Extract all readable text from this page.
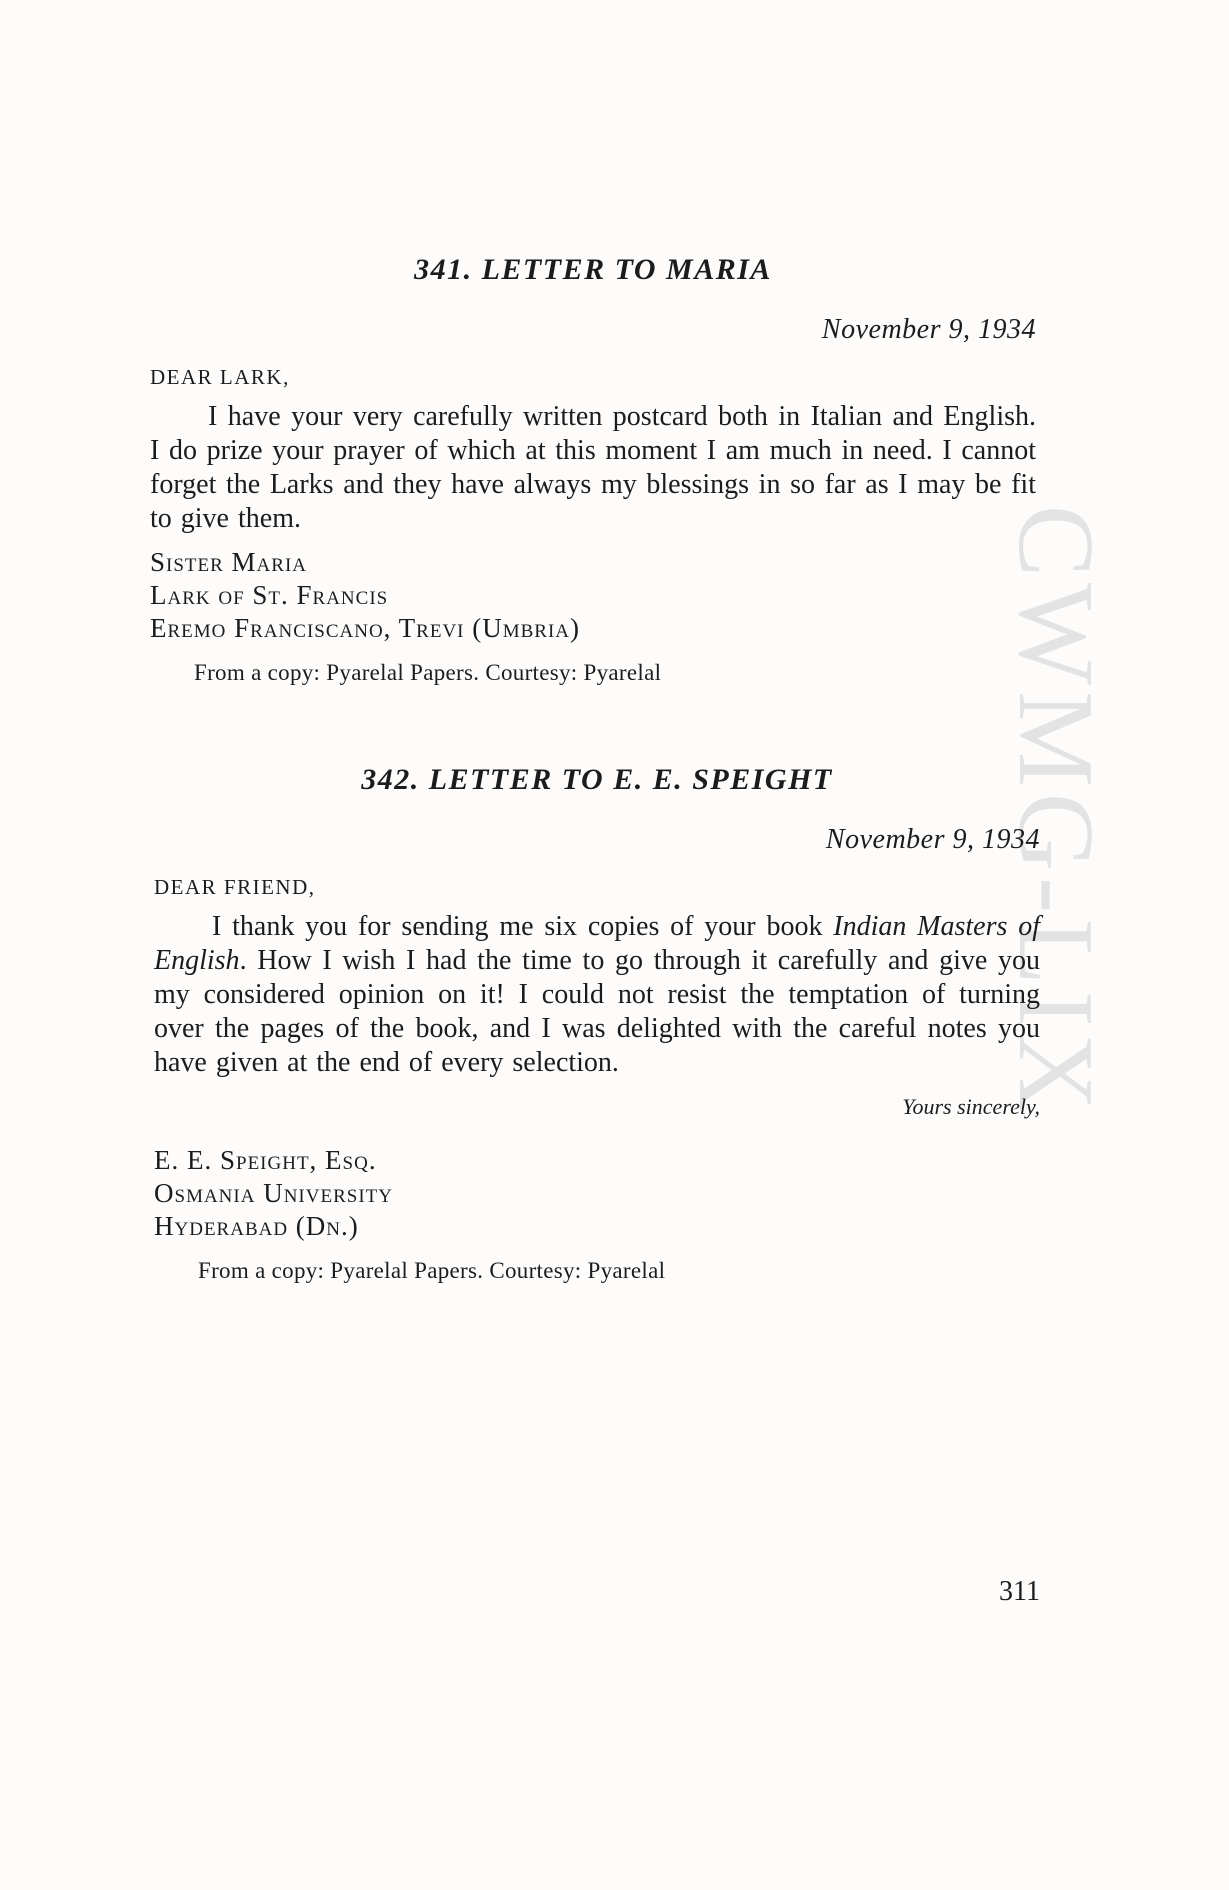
CWMG-LIX
341. LETTER TO MARIA

November 9, 1934

DEAR LARK,

I have your very carefully written postcard both in Italian and English. I do prize your prayer of which at this moment I am much in need. I cannot forget the Larks and they have always my blessings in so far as I may be fit to give them.

Sister Maria
Lark of St. Francis
Eremo Franciscano, Trevi (Umbria)

From a copy: Pyarelal Papers. Courtesy: Pyarelal

342. LETTER TO E. E. SPEIGHT

November 9, 1934

DEAR FRIEND,

I thank you for sending me six copies of your book Indian Masters of English. How I wish I had the time to go through it carefully and give you my considered opinion on it! I could not resist the temptation of turning over the pages of the book, and I was delighted with the careful notes you have given at the end of every selection.

Yours sincerely,

E. E. Speight, Esq.
Osmania University
Hyderabad (Dn.)

From a copy: Pyarelal Papers. Courtesy: Pyarelal

311
